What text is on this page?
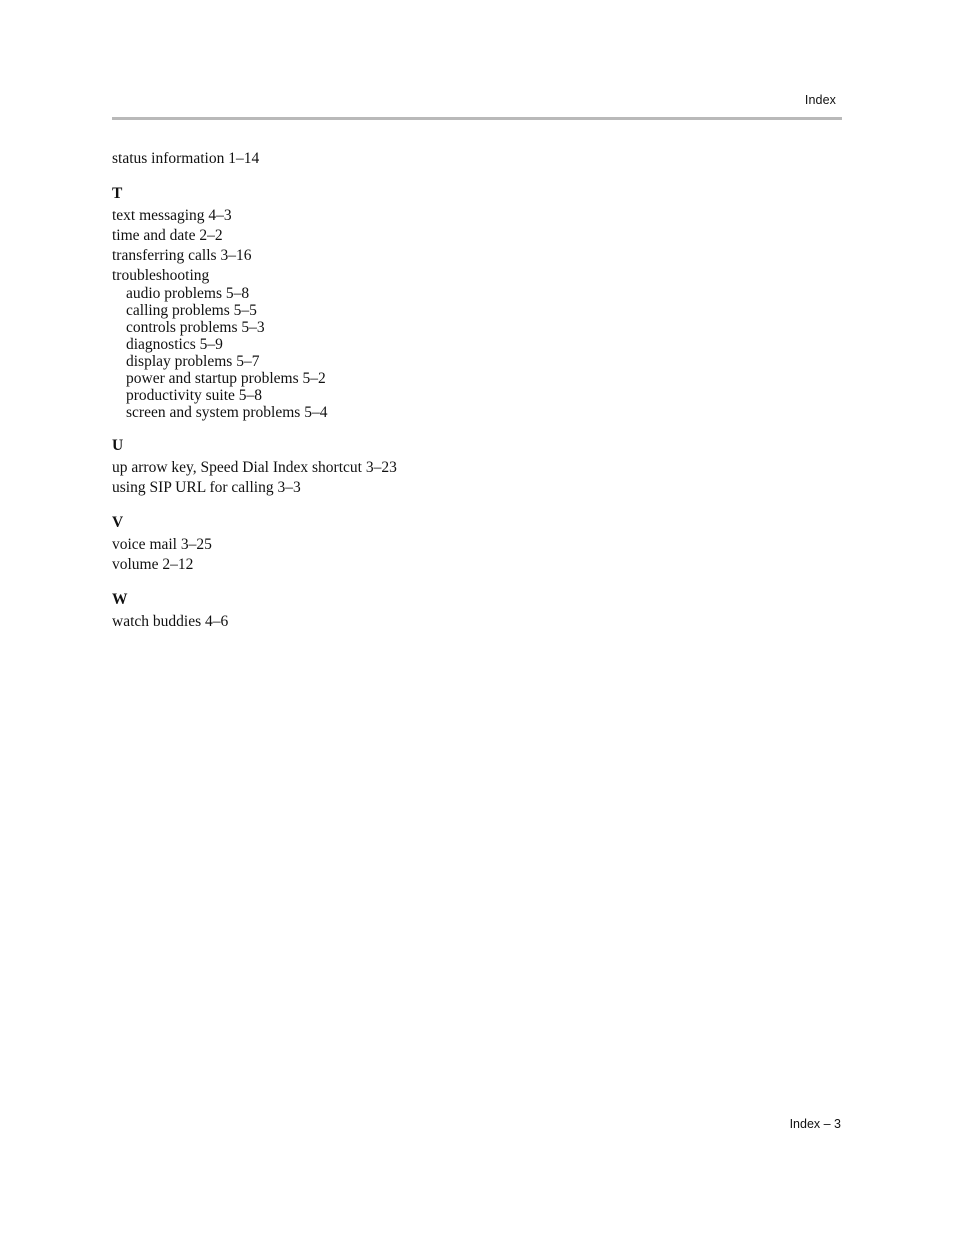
Index
status information 1–14
T
text messaging 4–3
time and date 2–2
transferring calls 3–16
troubleshooting
audio problems 5–8
calling problems 5–5
controls problems 5–3
diagnostics 5–9
display problems 5–7
power and startup problems 5–2
productivity suite 5–8
screen and system problems 5–4
U
up arrow key, Speed Dial Index shortcut 3–23
using SIP URL for calling 3–3
V
voice mail 3–25
volume 2–12
W
watch buddies 4–6
Index – 3
